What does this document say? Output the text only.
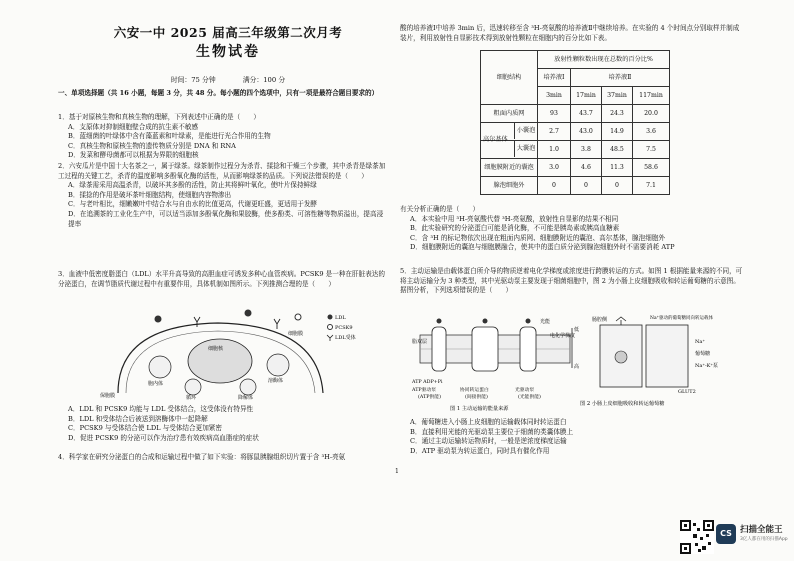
六安一中 2025 届高三年级第二次月考
生物试卷
时间：75 分钟　　　　满分：100 分
一、单项选择题（共 16 小题，每题 3 分，共 48 分。每小题的四个选项中，只有一项是最符合题目要求的）
1．基于对原核生物和真核生物的理解，下列表述中正确的是（　　）
A．支原体对抑制细胞壁合成的抗生素不敏感
B．蓝细菌的叶绿体中含有藻蓝素和叶绿素，是能进行光合作用的生物
C．真核生物和原核生物的遗传物质分别是 DNA 和 RNA
D．发菜和酵母菌都可以根据为界限的细胞核
2．六安瓜片是中国十大名茶之一，属于绿茶。绿茶制作过程分为杀青、揉捻和干燥三个步骤，其中杀青是绿茶加工过程的关键工艺，杀青的温度影响多酚氧化酶的活性，从而影响绿茶的品质。下列说法错误的是（　　）
A．绿茶需采用高温杀青，以破坏其多酚的活性，防止其将鲜叶氧化，使叶片保持鲜绿
B．揉捻的作用是破坏茶叶细胞结构，使细胞内容物渗出
C．与老叶相比，细嫩嫩叶中结合水与自由水的比值更高，代谢更旺盛，更适用于发酵
D．在追溯茶的工业化生产中，可以适当添加多酚氧化酶和果胶酶，使多酚类、可溶性糖等物质溢出，提高浸提率
3．血液中低密度脂蛋白（LDL）水平升高导致的高胆血症可诱发多种心血管疾病。PCSK9 是一种在肝脏表达的分泌蛋白，在调节脂质代谢过程中有重要作用，具体机制如图所示。下列推测合理的是（　　）
细胞核
LDL
PCSK9
LDL受体
保胞膜
胞内体	溶酶体
降解体
循环
细胞膜
A．LDL 和 PCSK9 均能与 LDL 受体结合，这受体没有特异性
B．LDL 和受体结合后被送到溶酶体中一起降解
C．PCSK9 与受体结合使 LDL 与受体结合更加紧密
D．促进 PCSK9 的分泌可以作为治疗患有效疾病高血脂症的症状
4．科学家在研究分泌蛋白的合成和运输过程中做了如下实验：将豚鼠胰腺组织切片置于含 ³H-亮氨
酸的培养液Ⅰ中培养 3min 后，迅速转移至含 ³H-亮氨酸的培养液Ⅱ中继续培养。在实验的 4 个时间点分别取样并制成装片，利用放射性自显影技术得到放射性颗粒在细胞内的百分比如下表。
细胞结构	放射性颗粒数出现在总数的百分比%			
	培养液Ⅰ	培养液Ⅱ		
	3min	17min	37min	117min
粗面内质网	93	43.7	24.3	20.0

高尔基体
小囊泡	2.7	43.0	14.9	3.6

大囊泡	1.0	3.8	48.5	7.5
细胞膜附近的囊泡	3.0	4.6	11.3	58.6
腺泡细胞外	0	0	0	7.1
有关分析正确的是（　　）
A．本实验中用 ³H-亮氨酸代替 ³H-亮氨酸，放射性自显影的结果不相同
B．此实验研究的分泌蛋白可能是消化酶，不可能是胰岛素或胰高血糖素
C．含 ³H 的标记物依次出现在粗面内质网、细胞膜附近的囊泡、高尔基体，腺泡细胞外
D．细胞膜附近的囊泡与细胞膜融合，使其中的蛋白质分泌到腺泡细胞外时不需要消耗 ATP
5．主动运输是由载体蛋白所介导的物质逆着电化学梯度或浓度进行跨膜转运的方式。如图 1 根据能量来源的不同，可将主动运输分为 3 种类型，其中光驱动泵主要发现于细菌细胞中，图 2 为小肠上皮细胞吸收和转运葡萄糖的示意图。据图分析，下列选项错误的是（　　）
光能
电化学梯度
脂双层
ATP ADP+Pi
ATP驱动泵	协同转运蛋白	光驱动泵
(ATP供能)	(间接供能)	(光能供能)
图 1 主动运输的能量来源
低
高
肠腔侧	Na⁺驱动的葡萄糖同向转运载体
Na⁺
葡萄糖
Na⁺-K⁺泵
GLUT2
图 2 小肠上皮细胞吸收和转运葡萄糖
A．葡萄糖进入小肠上皮细胞的运输载体同时转运蛋白
B．直接利用光能的光驱动泵主要位于细菌的类囊体膜上
C．通过主动运输转运物质时，一般是逆浓度梯度运输
D．ATP 驱动泵为转运蛋白，同时具有催化作用
1
CS 扫描全能王
3亿人都在用的扫描App
